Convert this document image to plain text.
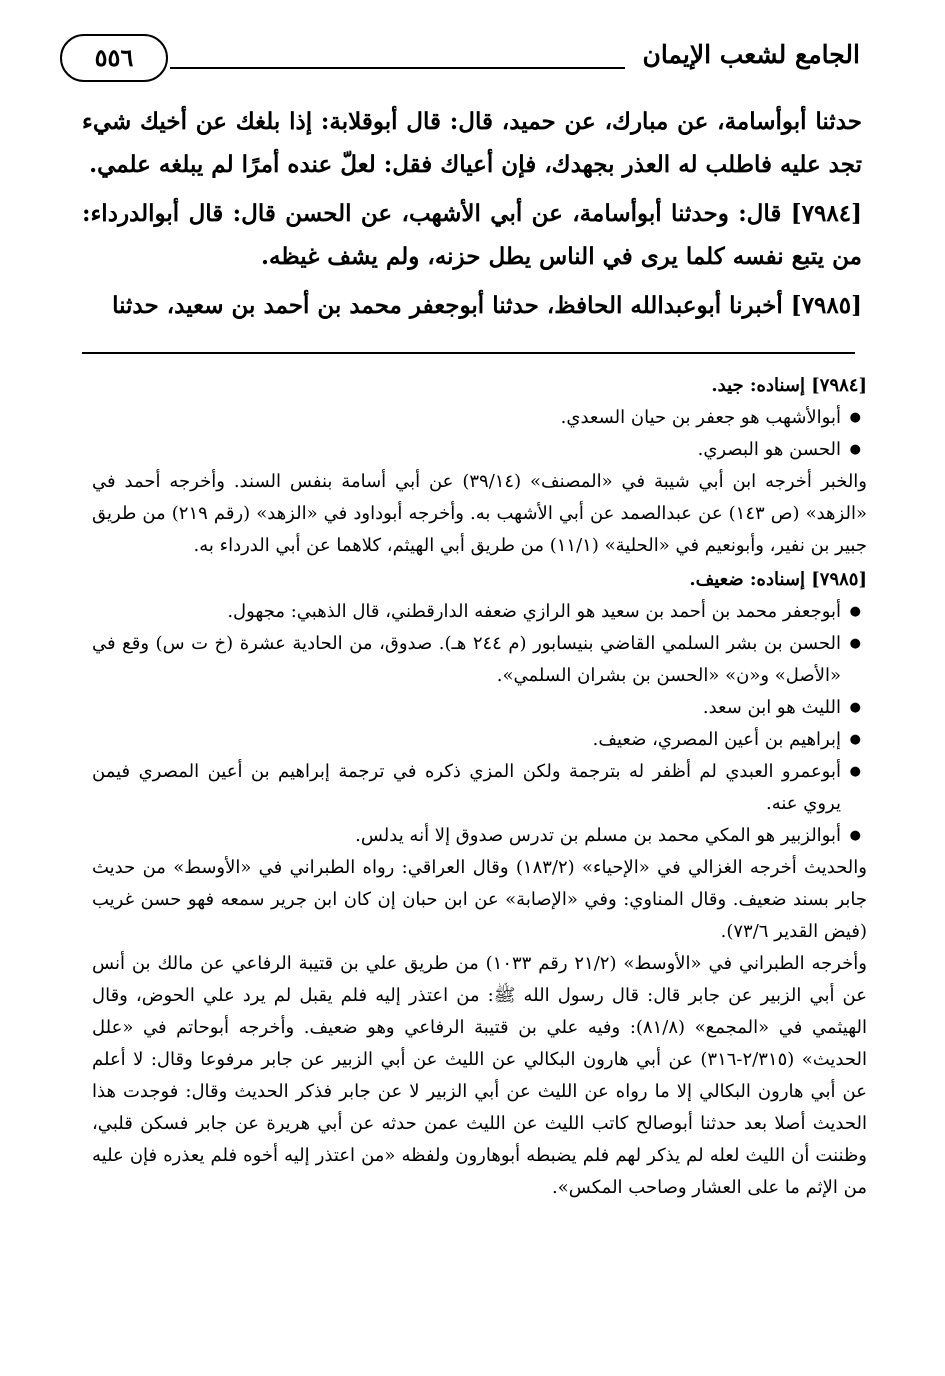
٥٥٦	الجامع لشعب الإيمان

حدثنا أبوأسامة، عن مبارك، عن حميد، قال: قال أبوقلابة: إذا بلغك عن أخيك شيء تجد عليه فاطلب له العذر بجهدك، فإن أعياك فقل: لعلّ عنده أمرًا لم يبلغه علمي.

[٧٩٨٤] قال: وحدثنا أبوأسامة، عن أبي الأشهب، عن الحسن قال: قال أبوالدرداء: من يتبع نفسه كلما يرى في الناس يطل حزنه، ولم يشف غيظه.

[٧٩٨٥] أخبرنا أبوعبدالله الحافظ، حدثنا أبوجعفر محمد بن أحمد بن سعيد، حدثنا

[٧٩٨٤] إسناده: جيد.

● أبوالأشهب هو جعفر بن حيان السعدي.

● الحسن هو البصري.

والخبر أخرجه ابن أبي شيبة في «المصنف» (٣٩/١٤) عن أبي أسامة بنفس السند. وأخرجه أحمد في «الزهد» (ص ١٤٣) عن عبدالصمد عن أبي الأشهب به. وأخرجه أبوداود في «الزهد» (رقم ٢١٩) من طريق جبير بن نفير، وأبونعيم في «الحلية» (١١/١) من طريق أبي الهيثم، كلاهما عن أبي الدرداء به.

[٧٩٨٥] إسناده: ضعيف.

● أبوجعفر محمد بن أحمد بن سعيد هو الرازي ضعفه الدارقطني، قال الذهبي: مجهول.

● الحسن بن بشر السلمي القاضي بنيسابور (م ٢٤٤ هـ). صدوق، من الحادية عشرة (خ ت س) وقع في «الأصل» و«ن» «الحسن بن بشران السلمي».

● الليث هو ابن سعد.

● إبراهيم بن أعين المصري، ضعيف.

● أبوعمرو العبدي لم أظفر له بترجمة ولكن المزي ذكره في ترجمة إبراهيم بن أعين المصري فيمن يروي عنه.

● أبوالزبير هو المكي محمد بن مسلم بن تدرس صدوق إلا أنه يدلس.

والحديث أخرجه الغزالي في «الإحياء» (١٨٣/٢) وقال العراقي: رواه الطبراني في «الأوسط» من حديث جابر بسند ضعيف. وقال المناوي: وفي «الإصابة» عن ابن حبان إن كان ابن جرير سمعه فهو حسن غريب (فيض القدير ٧٣/٦).

وأخرجه الطبراني في «الأوسط» (٢١/٢ رقم ١٠٣٣) من طريق علي بن قتيبة الرفاعي عن مالك بن أنس عن أبي الزبير عن جابر قال: قال رسول الله ﷺ: من اعتذر إليه فلم يقبل لم يرد علي الحوض، وقال الهيثمي في «المجمع» (٨١/٨): وفيه علي بن قتيبة الرفاعي وهو ضعيف. وأخرجه أبوحاتم في «علل الحديث» (٢/٣١٥-٣١٦) عن أبي هارون البكالي عن الليث عن أبي الزبير عن جابر مرفوعا وقال: لا أعلم عن أبي هارون البكالي إلا ما رواه عن الليث عن أبي الزبير لا عن جابر فذكر الحديث وقال: فوجدت هذا الحديث أصلا بعد حدثنا أبوصالح كاتب الليث عن الليث عمن حدثه عن أبي هريرة عن جابر فسكن قلبي، وظننت أن الليث لعله لم يذكر لهم فلم يضبطه أبوهارون ولفظه «من اعتذر إليه أخوه فلم يعذره فإن عليه من الإثم ما على العشار وصاحب المكس».
